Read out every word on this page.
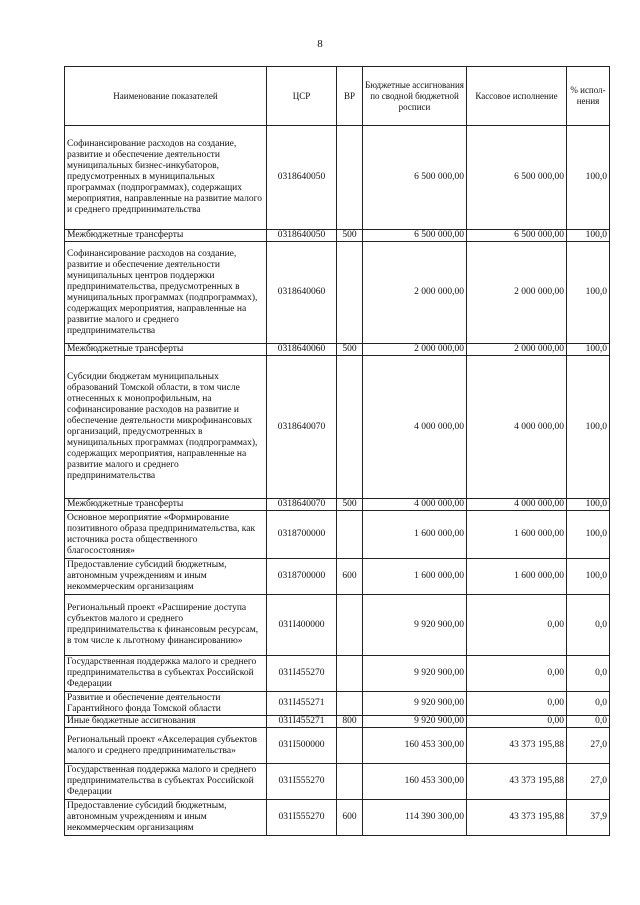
8
Наименование показателей	ЦСР	ВР	Бюджетные ассигнования по сводной бюджетной росписи	Кассовое исполнение	% испол-нения
Софинансирование расходов на создание, развитие и обеспечение деятельности муниципальных бизнес-инкубаторов, предусмотренных в муниципальных программах (подпрограммах), содержащих мероприятия, направленные на развитие малого и среднего предпринимательства	0318640050		6 500 000,00	6 500 000,00	100,0
Межбюджетные трансферты	0318640050	500	6 500 000,00	6 500 000,00	100,0
Софинансирование расходов на создание, развитие и обеспечение деятельности муниципальных центров поддержки предпринимательства, предусмотренных в муниципальных программах (подпрограммах), содержащих мероприятия, направленные на развитие малого и среднего предпринимательства	0318640060		2 000 000,00	2 000 000,00	100,0
Межбюджетные трансферты	0318640060	500	2 000 000,00	2 000 000,00	100,0
Субсидии бюджетам муниципальных образований Томской области, в том числе отнесенных к монопрофильным, на софинансирование расходов на развитие и обеспечение деятельности микрофинансовых организаций, предусмотренных в муниципальных программах (подпрограммах), содержащих мероприятия, направленные на развитие малого и среднего предпринимательства	0318640070		4 000 000,00	4 000 000,00	100,0
Межбюджетные трансферты	0318640070	500	4 000 000,00	4 000 000,00	100,0
Основное мероприятие «Формирование позитивного образа предпринимательства, как источника роста общественного благосостояния»	0318700000		1 600 000,00	1 600 000,00	100,0
Предоставление субсидий бюджетным, автономным учреждениям и иным некоммерческим организациям	0318700000	600	1 600 000,00	1 600 000,00	100,0
Региональный проект «Расширение доступа субъектов малого и среднего предпринимательства к финансовым ресурсам, в том числе к льготному финансированию»	031I400000		9 920 900,00	0,00	0,0
Государственная поддержка малого и среднего предпринимательства в субъектах Российской Федерации	031I455270		9 920 900,00	0,00	0,0
Развитие и обеспечение деятельности Гарантийного фонда Томской области	031I455271		9 920 900,00	0,00	0,0
Иные бюджетные ассигнования	031I455271	800	9 920 900,00	0,00	0,0
Региональный проект «Акселерация субъектов малого и среднего предпринимательства»	031I500000		160 453 300,00	43 373 195,88	27,0
Государственная поддержка малого и среднего предпринимательства в субъектах Российской Федерации	031I555270		160 453 300,00	43 373 195,88	27,0
Предоставление субсидий бюджетным, автономным учреждениям и иным некоммерческим организациям	031I555270	600	114 390 300,00	43 373 195,88	37,9
